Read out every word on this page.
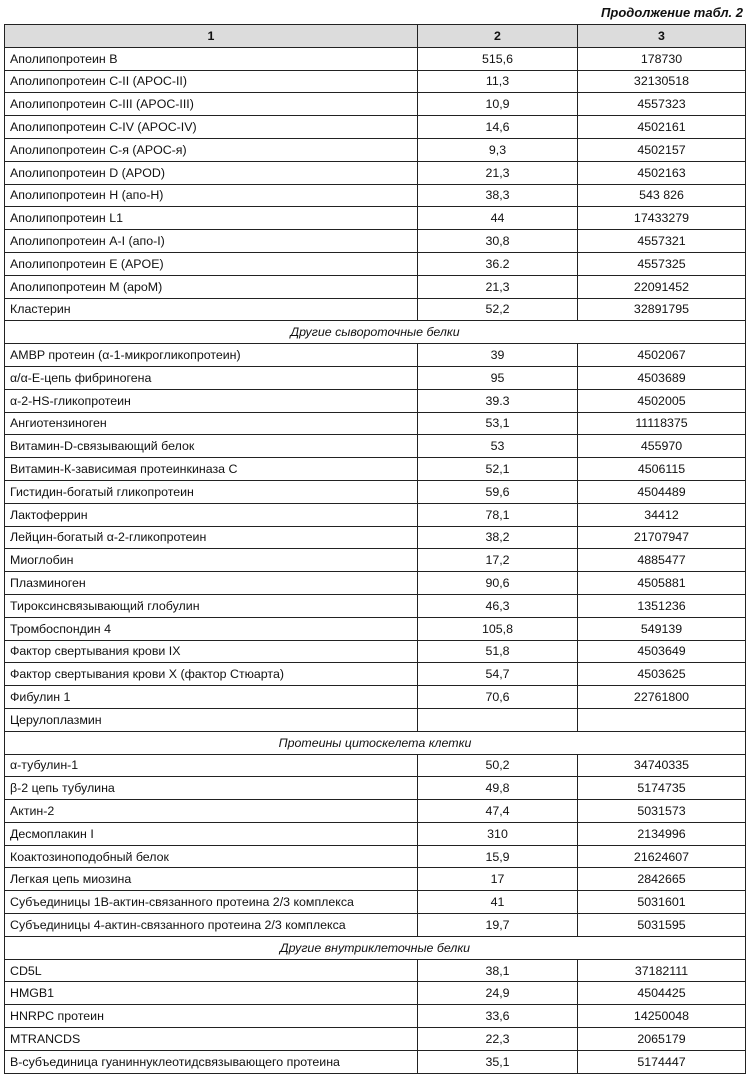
Продолжение табл. 2
1	2	3
Аполипопротеин B	515,6	178730
Аполипопротеин C-II (APOC-II)	11,3	32130518
Аполипопротеин C-III (APOC-III)	10,9	4557323
Аполипопротеин C-IV (APOC-IV)	14,6	4502161
Аполипопротеин C-я (APOC-я)	9,3	4502157
Аполипопротеин D (APOD)	21,3	4502163
Аполипопротеин H (апо-H)	38,3	543 826
Аполипопротеин L1	44	17433279
Аполипопротеин A-I (апо-I)	30,8	4557321
Аполипопротеин E (APOE)	36.2	4557325
Аполипопротеин M (apoM)	21,3	22091452
Кластерин	52,2	32891795
Другие сывороточные белки		
AMBP протеин (α-1-микрогликопротеин)	39	4502067
α/α-E-цепь фибриногена	95	4503689
α-2-HS-гликопротеин	39.3	4502005
Ангиотензиноген	53,1	11118375
Витамин-D-связывающий белок	53	455970
Витамин-К-зависимая протеинкиназа С	52,1	4506115
Гистидин-богатый гликопротеин	59,6	4504489
Лактоферрин	78,1	34412
Лейцин-богатый α-2-гликопротеин	38,2	21707947
Миоглобин	17,2	4885477
Плазминоген	90,6	4505881
Тироксинсвязывающий глобулин	46,3	1351236
Тромбоспондин 4	105,8	549139
Фактор свертывания крови IX	51,8	4503649
Фактор свертывания крови X (фактор Стюарта)	54,7	4503625
Фибулин 1	70,6	22761800
Церулоплазмин		
Протеины цитоскелета клетки		
α-тубулин-1	50,2	34740335
β-2 цепь тубулина	49,8	5174735
Актин-2	47,4	5031573
Десмоплакин I	310	2134996
Коактозиноподобный белок	15,9	21624607
Легкая цепь миозина	17	2842665
Субъединицы 1В-актин-связанного протеина 2/3 комплекса	41	5031601
Субъединицы 4-актин-связанного протеина 2/3 комплекса	19,7	5031595
Другие внутриклеточные белки		
CD5L	38,1	37182111
HMGB1	24,9	4504425
HNRPC протеин	33,6	14250048
MTRANCDS	22,3	2065179
B-субъединица гуаниннуклеотидсвязывающего протеина	35,1	5174447
